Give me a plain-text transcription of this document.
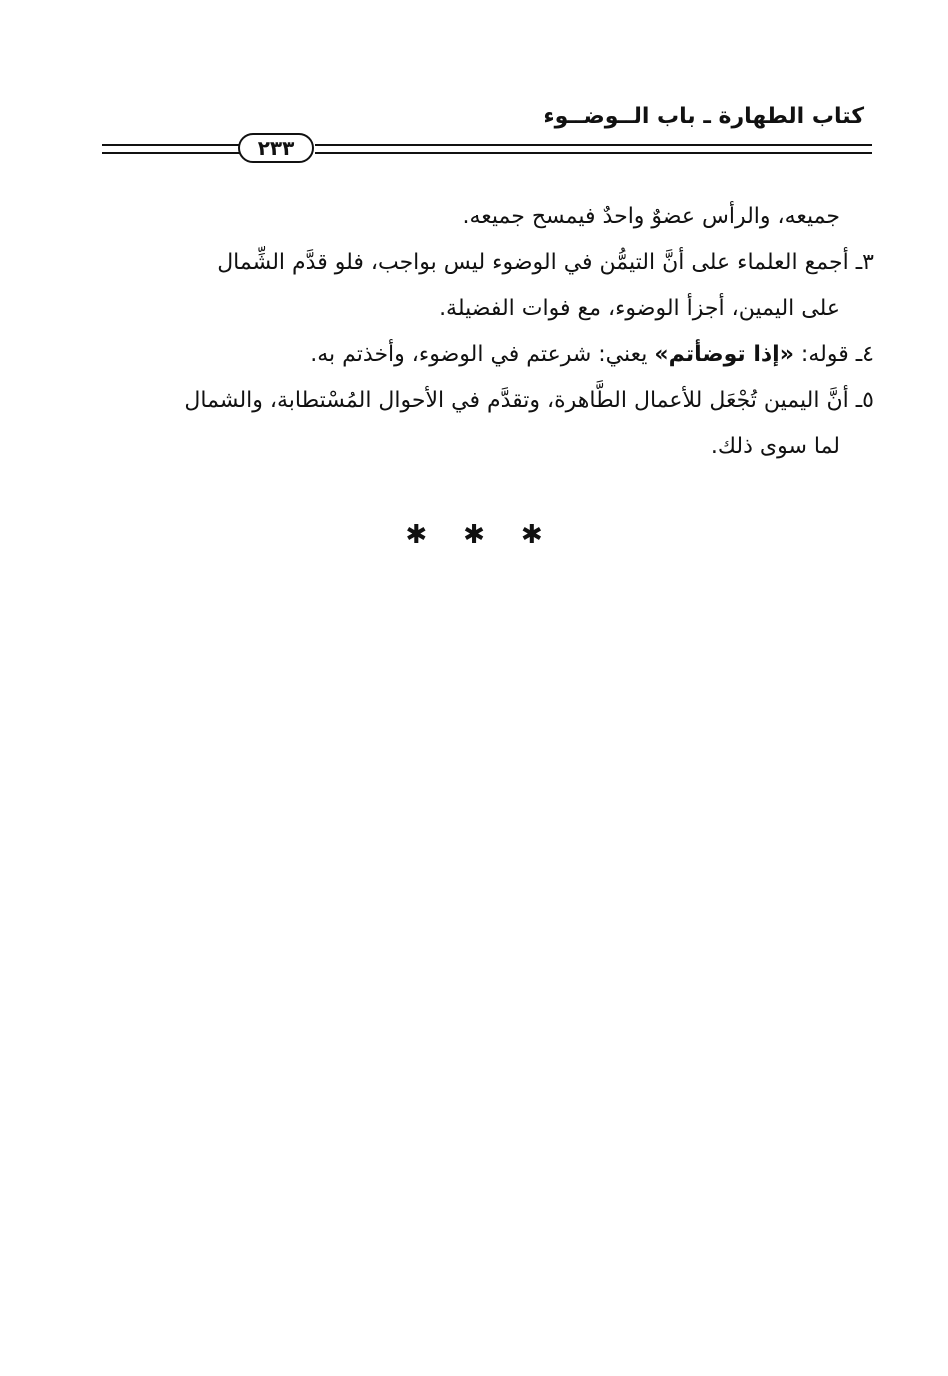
كتاب الطهارة ـ باب الــوضــوء
٢٣٣
جميعه، والرأس عضوٌ واحدٌ فيمسح جميعه.
٣ـ أجمع العلماء على أنَّ التيمُّن في الوضوء ليس بواجب، فلو قدَّم الشِّمال
على اليمين، أجزأ الوضوء، مع فوات الفضيلة.
٤ـ قوله: «إذا توضأتم» يعني: شرعتم في الوضوء، وأخذتم به.
٥ـ أنَّ اليمين تُجْعَل للأعمال الطَّاهرة، وتقدَّم في الأحوال المُسْتطابة، والشمال
لما سوى ذلك.
✱✱✱
